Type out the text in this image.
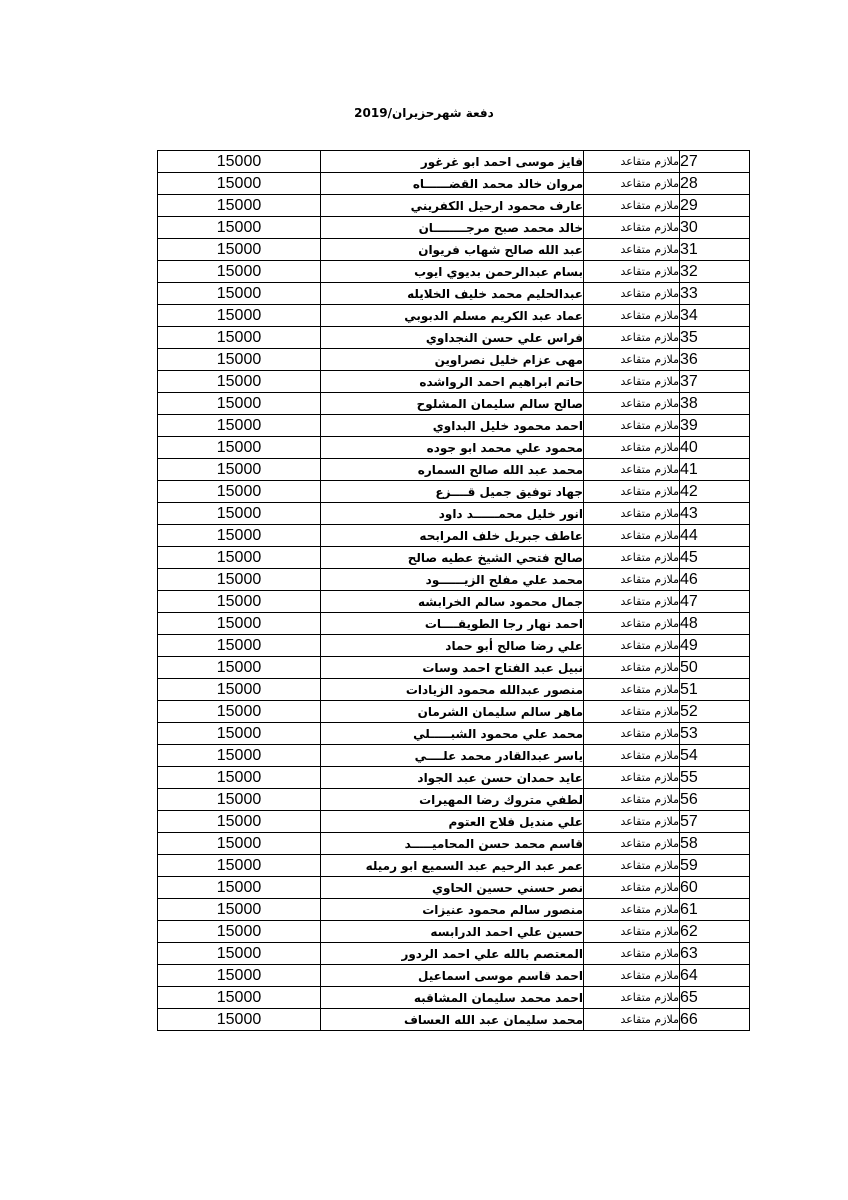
دفعة شهرحزيران/2019
15000	فايز موسى احمد ابو غرغور	ملازم متقاعد	27
15000	مروان خالد محمد القضــــــاه	ملازم متقاعد	28
15000	عارف محمود ارحيل الكفريني	ملازم متقاعد	29
15000	خالد محمد صبح مرجــــــــان	ملازم متقاعد	30
15000	عبد الله صالح شهاب فريوان	ملازم متقاعد	31
15000	بسام عبدالرحمن بديوي ايوب	ملازم متقاعد	32
15000	عبدالحليم محمد خليف الخلايله	ملازم متقاعد	33
15000	عماد عبد الكريم مسلم الدبوبي	ملازم متقاعد	34
15000	فراس علي حسن النجداوي	ملازم متقاعد	35
15000	مهى عزام خليل نصراوين	ملازم متقاعد	36
15000	حاتم ابراهيم احمد الرواشده	ملازم متقاعد	37
15000	صالح سالم سليمان المشلوح	ملازم متقاعد	38
15000	احمد محمود خليل البداوي	ملازم متقاعد	39
15000	محمود علي محمد ابو جوده	ملازم متقاعد	40
15000	محمد عبد الله صالح السماره	ملازم متقاعد	41
15000	جهاد توفيق جميل قــــزع	ملازم متقاعد	42
15000	انور خليل محمــــــد داود	ملازم متقاعد	43
15000	عاطف جبريل خلف المرابحه	ملازم متقاعد	44
15000	صالح فتحي الشيخ عطيه صالح	ملازم متقاعد	45
15000	محمد علي مفلح الزيــــــود	ملازم متقاعد	46
15000	جمال محمود سالم الخرابشه	ملازم متقاعد	47
15000	احمد نهار رجا الطويقــــات	ملازم متقاعد	48
15000	علي رضا صالح أبو حماد	ملازم متقاعد	49
15000	نبيل عبد الفتاح احمد وسات	ملازم متقاعد	50
15000	منصور عبدالله محمود الزيادات	ملازم متقاعد	51
15000	ماهر سالم سليمان الشرمان	ملازم متقاعد	52
15000	محمد علي محمود الشبـــــلي	ملازم متقاعد	53
15000	ياسر عبدالقادر محمد علــــي	ملازم متقاعد	54
15000	عايد حمدان حسن عبد الجواد	ملازم متقاعد	55
15000	لطفي متروك رضا المهيرات	ملازم متقاعد	56
15000	علي منديل فلاح العتوم	ملازم متقاعد	57
15000	قاسم محمد حسن المحاميـــــد	ملازم متقاعد	58
15000	عمر عبد الرحيم عبد السميع ابو رميله	ملازم متقاعد	59
15000	نصر حسني حسين الحاوي	ملازم متقاعد	60
15000	منصور سالم محمود عنيزات	ملازم متقاعد	61
15000	حسين علي احمد الدرابسه	ملازم متقاعد	62
15000	المعتصم بالله علي احمد الردور	ملازم متقاعد	63
15000	احمد قاسم موسى اسماعيل	ملازم متقاعد	64
15000	احمد محمد سليمان المشاقبه	ملازم متقاعد	65
15000	محمد سليمان عبد الله العساف	ملازم متقاعد	66
